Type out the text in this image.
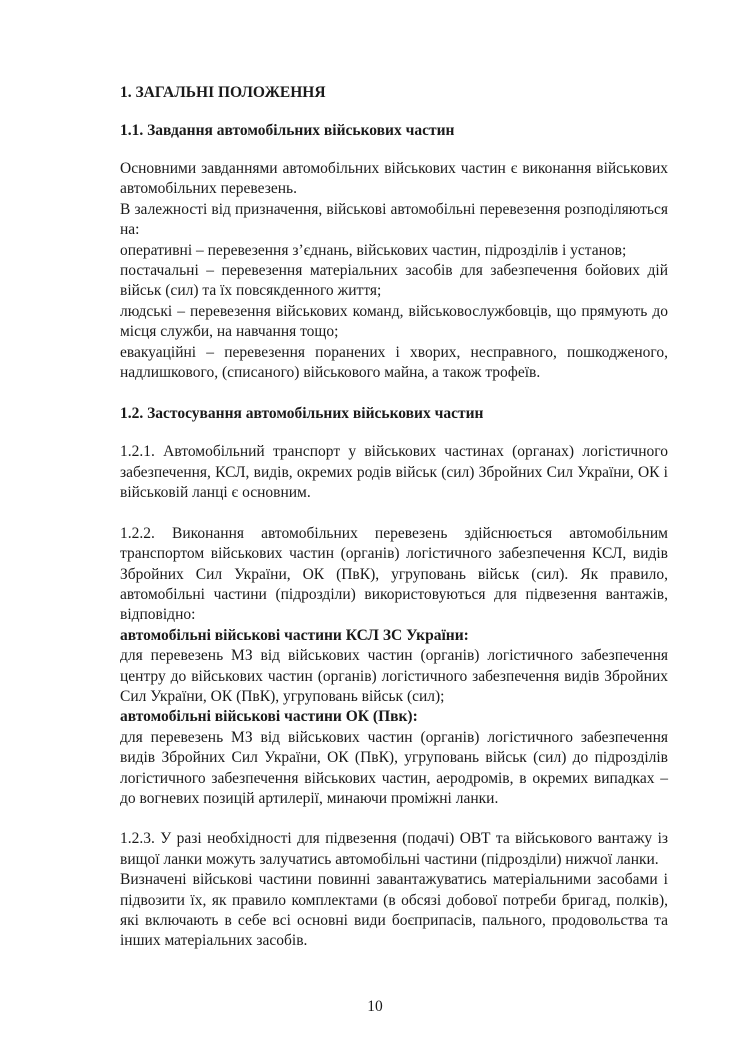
1. ЗАГАЛЬНІ ПОЛОЖЕННЯ
1.1. Завдання автомобільних військових частин

Основними завданнями автомобільних військових частин є виконання військових автомобільних перевезень.

В залежності від призначення, військові автомобільні перевезення розподіляються на:

оперативні – перевезення з’єднань, військових частин, підрозділів і установ;

постачальні – перевезення матеріальних засобів для забезпечення бойових дій військ (сил) та їх повсякденного життя;

людські – перевезення військових команд, військовослужбовців, що прямують до місця служби, на навчання тощо;

евакуаційні – перевезення поранених і хворих, несправного, пошкодженого, надлишкового, (списаного) військового майна, а також трофеїв.

1.2. Застосування автомобільних військових частин

1.2.1. Автомобільний транспорт у військових частинах (органах) логістичного забезпечення, КСЛ, видів, окремих родів військ (сил) Збройних Сил України, ОК і військовій ланці є основним.

1.2.2. Виконання автомобільних перевезень здійснюється автомобільним транспортом військових частин (органів) логістичного забезпечення КСЛ, видів Збройних Сил України, ОК (ПвК), угруповань військ (сил). Як правило, автомобільні частини (підрозділи) використовуються для підвезення вантажів, відповідно:

автомобільні військові частини КСЛ ЗС України:

для перевезень МЗ від військових частин (органів) логістичного забезпечення центру до військових частин (органів) логістичного забезпечення видів Збройних Сил України, ОК (ПвК), угруповань військ (сил);

автомобільні військові частини ОК (Пвк):

для перевезень МЗ від військових частин (органів) логістичного забезпечення видів Збройних Сил України, ОК (ПвК), угруповань військ (сил) до підрозділів логістичного забезпечення військових частин, аеродромів, в окремих випадках – до вогневих позицій артилерії, минаючи проміжні ланки.

1.2.3. У разі необхідності для підвезення (подачі) ОВТ та військового вантажу із вищої ланки можуть залучатись автомобільні частини (підрозділи) нижчої ланки.

Визначені військові частини повинні завантажуватись матеріальними засобами і підвозити їх, як правило комплектами (в обсязі добової потреби бригад, полків), які включають в себе всі основні види боєприпасів, пального, продовольства та інших матеріальних засобів.

10
